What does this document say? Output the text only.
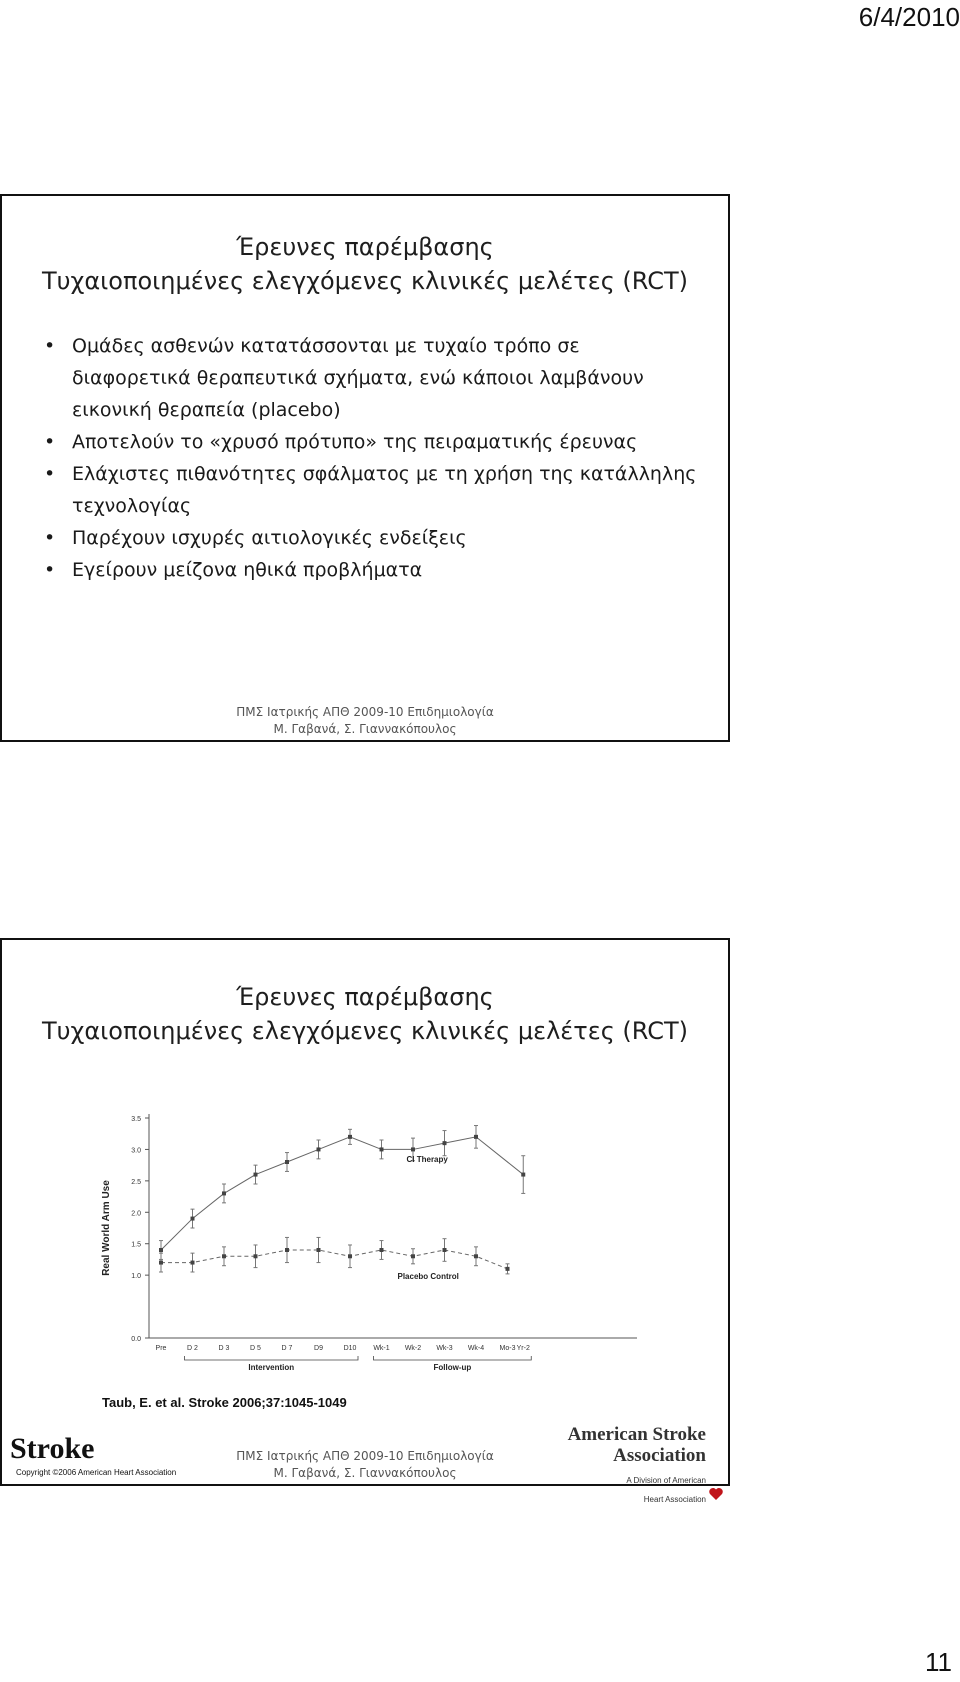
6/4/2010
Έρευνες παρέμβασης
Τυχαιοποιημένες ελεγχόμενες κλινικές μελέτες (RCT)
• Ομάδες ασθενών κατατάσσονται με τυχαίο τρόπο σε διαφορετικά θεραπευτικά σχήματα, ενώ κάποιοι λαμβάνουν εικονική θεραπεία (placebo)
• Αποτελούν το «χρυσό πρότυπο» της πειραματικής έρευνας
• Ελάχιστες πιθανότητες σφάλματος με τη χρήση της κατάλληλης τεχνολογίας
• Παρέχουν ισχυρές αιτιολογικές ενδείξεις
• Εγείρουν μείζονα ηθικά προβλήματα
ΠΜΣ Ιατρικής ΑΠΘ 2009-10 Επιδημιολογία
Μ. Γαβανά, Σ. Γιαννακόπουλος
Έρευνες παρέμβασης
Τυχαιοποιημένες ελεγχόμενες κλινικές μελέτες (RCT)
0.0
1.0
1.5
2.0
2.5
3.0
3.5
Real World Arm Use
Pre	D 2	D 3	D 5	D 7	D9	D10 Wk-1 Wk-2 Wk-3 Wk-4 Mo-3 Yr-2
Intervention	Follow-up
CI Therapy
Placebo Control
Taub, E. et al. Stroke 2006;37:1045-1049
Stroke
Copyright ©2006 American Heart Association
American Stroke
Association
A Division of American
Heart Association
ΠΜΣ Ιατρικής ΑΠΘ 2009-10 Επιδημιολογία
Μ. Γαβανά, Σ. Γιαννακόπουλος
11
